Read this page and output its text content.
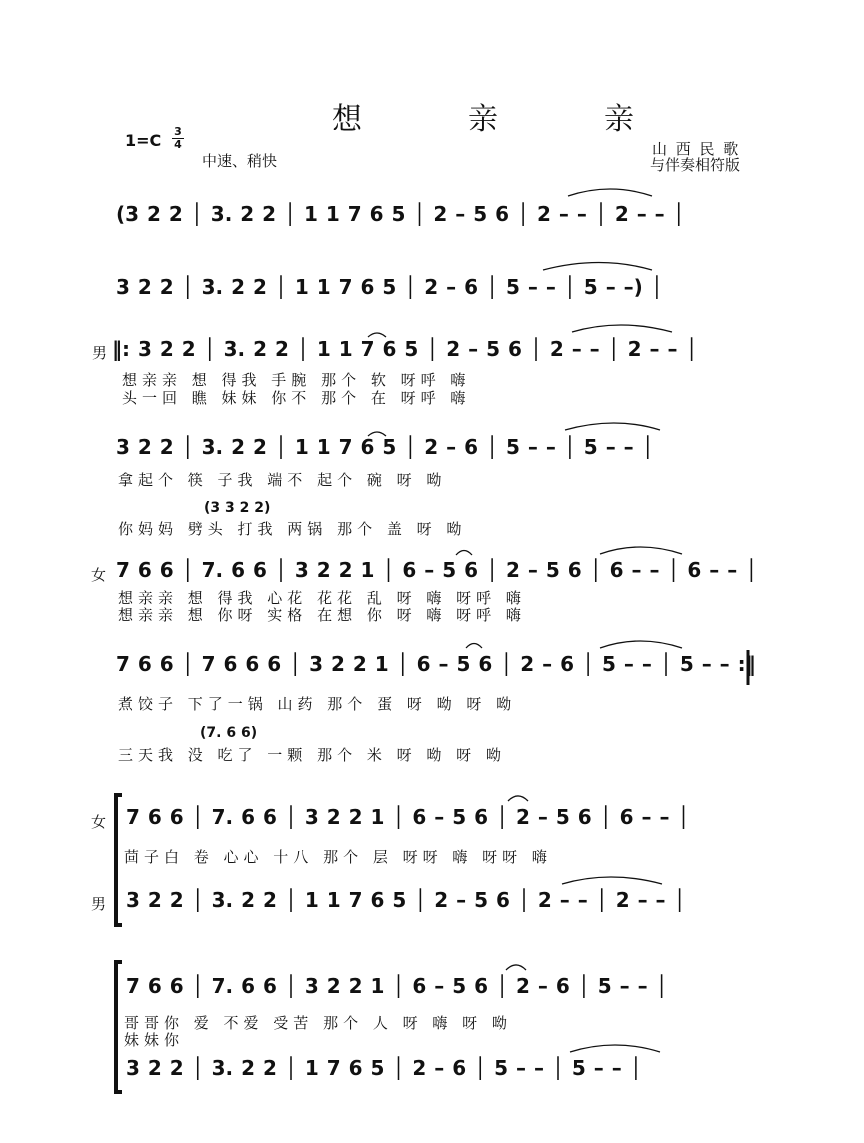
想　亲　亲
1=C 3
4
中速、稍快
山 西 民 歌
与伴奏相符版
(3 2 2 │ 3. 2 2 │ 1 1 7 6 5 │ 2 – 5 6 │ 2 – – │ 2 – – │
3 2 2 │ 3. 2 2 │ 1 1 7 6 5 │ 2 – 6 │ 5 – – │ 5 – –) │
男 ‖: 3 2 2 │ 3. 2 2 │ 1 1 7 6 5 │ 2 – 5 6 │ 2 – – │ 2 – – │
想亲亲 想 得我 手腕 那个 软 呀呼 嗨
头一回 瞧 妹妹 你不 那个 在 呀呼 嗨
3 2 2 │ 3. 2 2 │ 1 1 7 6 5 │ 2 – 6 │ 5 – – │ 5 – – │
拿起个 筷 子我 端不 起个 碗 呀 呦
(3 3 2 2)
你妈妈 劈头 打我 两锅 那个 盖 呀 呦
女 7 6 6 │ 7. 6 6 │ 3 2 2 1 │ 6 – 5 6 │ 2 – 5 6 │ 6 – – │ 6 – – │
想亲亲 想 得我 心花 花花 乱 呀 嗨 呀呼 嗨
想亲亲 想 你呀 实格 在想 你 呀 嗨 呀呼 嗨
7 6 6 │ 7 6 6 6 │ 3 2 2 1 │ 6 – 5 6 │ 2 – 6 │ 5 – – │ 5 – – :‖
煮饺子 下了一锅 山药 那个 蛋 呀 呦 呀 呦
(7. 6 6)
三天我 没 吃了 一颗 那个 米 呀 呦 呀 呦
女 7 6 6 │ 7. 6 6 │ 3 2 2 1 │ 6 – 5 6 │ 2 – 5 6 │ 6 – – │
茴子白 卷 心心 十八 那个 层 呀呀 嗨 呀呀 嗨
男 3 2 2 │ 3. 2 2 │ 1 1 7 6 5 │ 2 – 5 6 │ 2 – – │ 2 – – │
7 6 6 │ 7. 6 6 │ 3 2 2 1 │ 6 – 5 6 │ 2 – 6 │ 5 – – │
哥哥你 爱 不爱 受苦 那个 人 呀 嗨 呀 呦
妹妹你
3 2 2 │ 3. 2 2 │ 1 7 6 5 │ 2 – 6 │ 5 – – │ 5 – – │
